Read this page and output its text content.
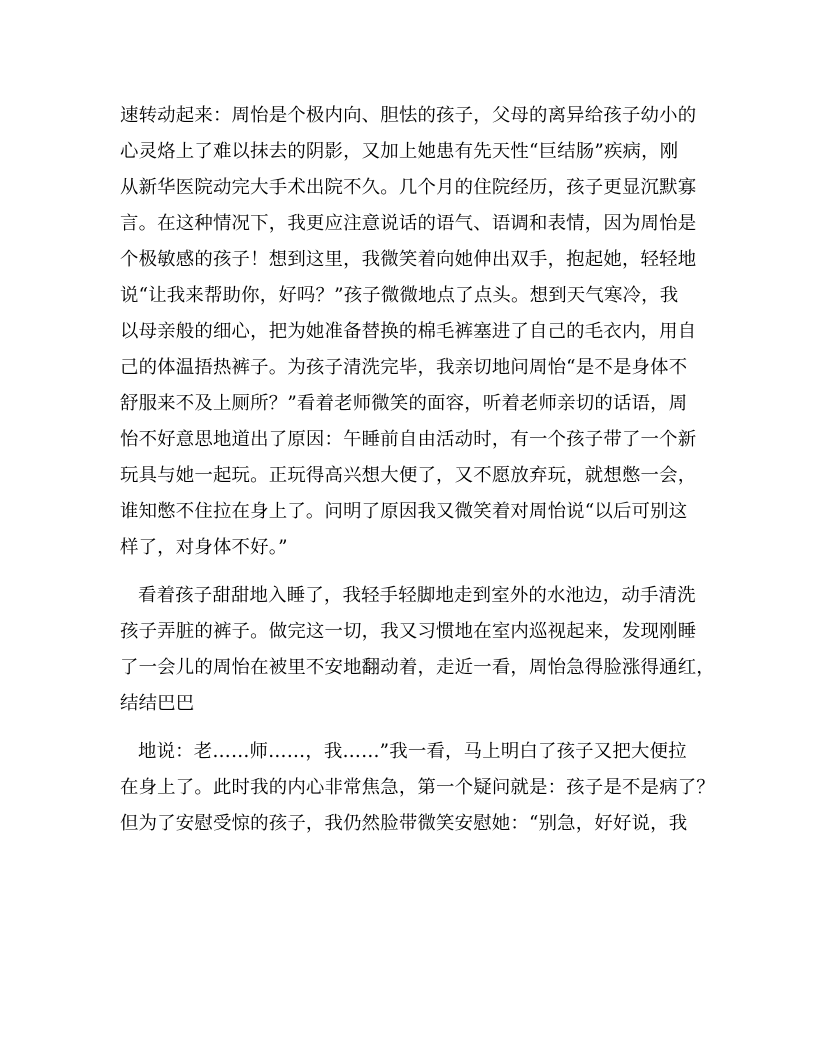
速转动起来：周怡是个极内向、胆怯的孩子，父母的离异给孩子幼小的
心灵烙上了难以抹去的阴影，又加上她患有先天性“巨结肠”疾病，刚
从新华医院动完大手术出院不久。几个月的住院经历，孩子更显沉默寡
言。在这种情况下，我更应注意说话的语气、语调和表情，因为周怡是
个极敏感的孩子！想到这里，我微笑着向她伸出双手，抱起她，轻轻地
说“让我来帮助你，好吗？”孩子微微地点了点头。想到天气寒冷，我
以母亲般的细心，把为她准备替换的棉毛裤塞进了自己的毛衣内，用自
己的体温捂热裤子。为孩子清洗完毕，我亲切地问周怡“是不是身体不
舒服来不及上厕所？”看着老师微笑的面容，听着老师亲切的话语，周
怡不好意思地道出了原因：午睡前自由活动时，有一个孩子带了一个新
玩具与她一起玩。正玩得高兴想大便了，又不愿放弃玩，就想憋一会，
谁知憋不住拉在身上了。问明了原因我又微笑着对周怡说“以后可别这
样了，对身体不好。”
看着孩子甜甜地入睡了，我轻手轻脚地走到室外的水池边，动手清洗
孩子弄脏的裤子。做完这一切，我又习惯地在室内巡视起来，发现刚睡
了一会儿的周怡在被里不安地翻动着，走近一看，周怡急得脸涨得通红，
结结巴巴
地说：老……师……，我……”我一看，马上明白了孩子又把大便拉
在身上了。此时我的内心非常焦急，第一个疑问就是：孩子是不是病了？
但为了安慰受惊的孩子，我仍然脸带微笑安慰她：“别急，好好说，我
